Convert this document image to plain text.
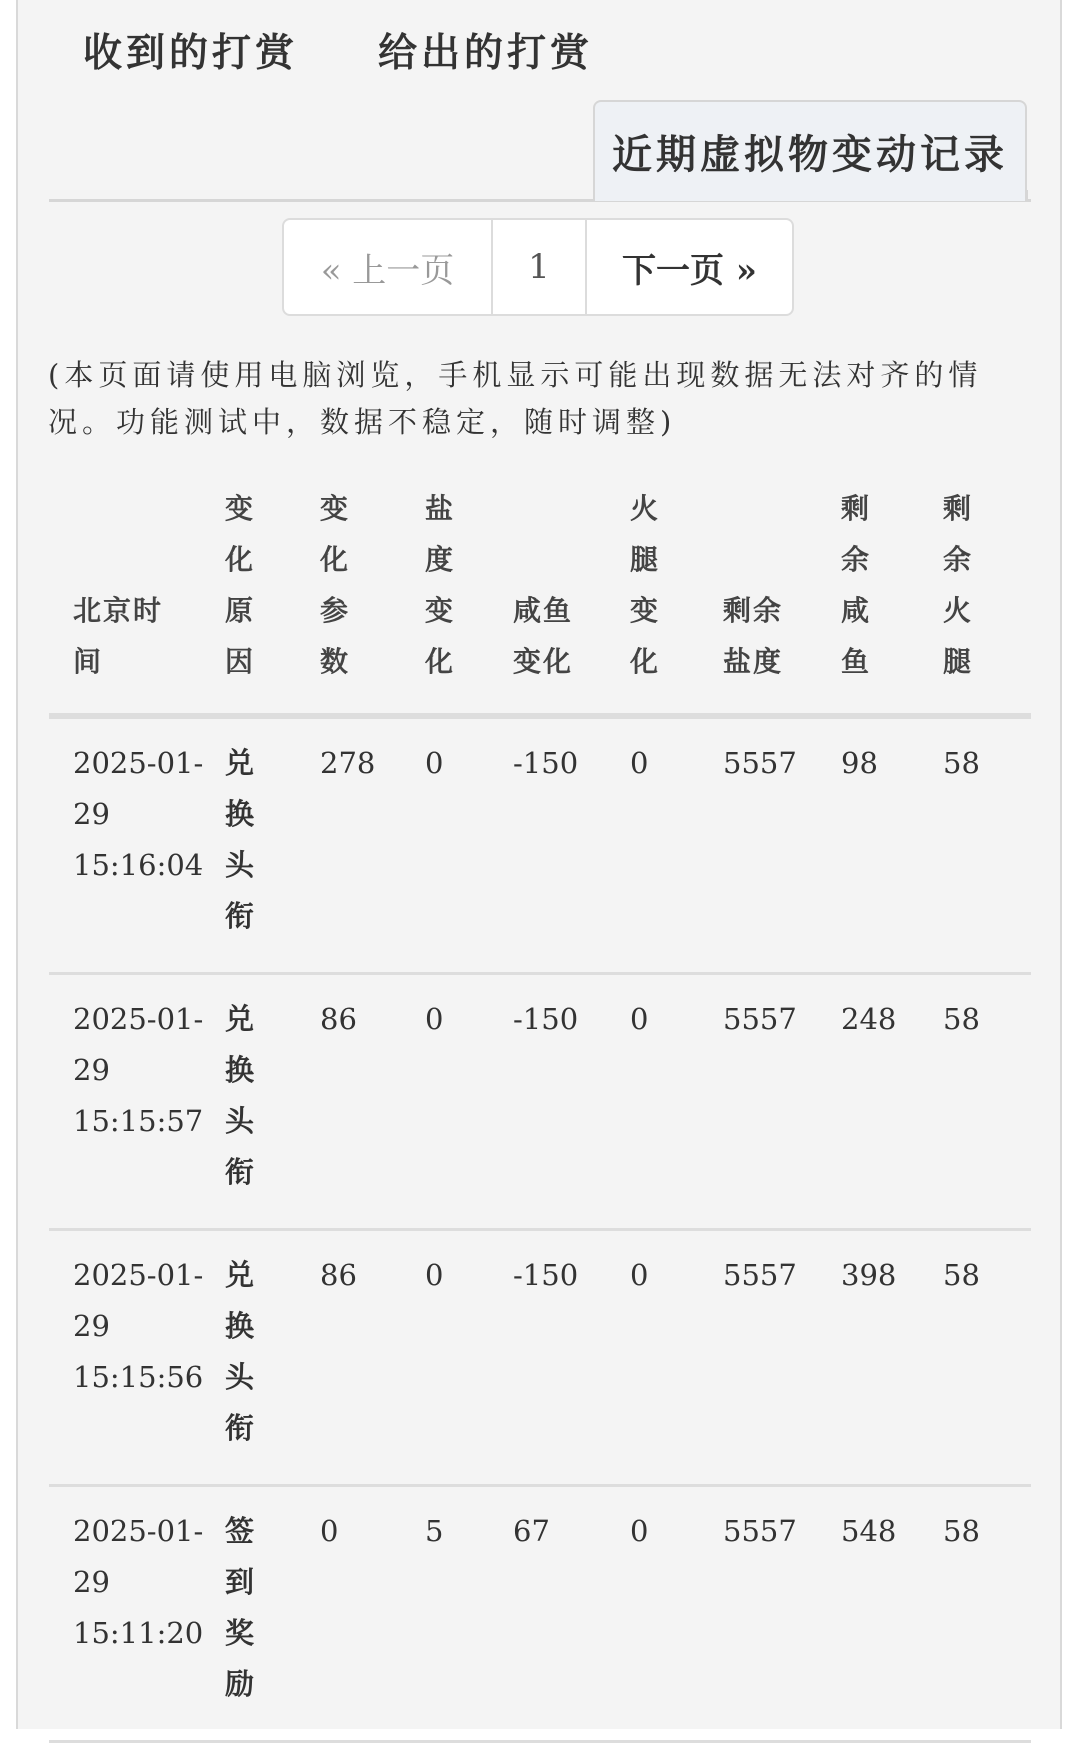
收到的打赏 给出的打赏
近期虚拟物变动记录
« 上一页	1	下一页 »
(本页面请使用电脑浏览，手机显示可能出现数据无法对齐的情况。功能测试中，数据不稳定，随时调整)
北京时间	变化原因	变化参数	盐度变化	咸鱼变化	火腿变化	剩余盐度	剩余咸鱼	剩余火腿
2025-01-29 15:16:04	兑换头衔	278	0	-150	0	5557	98	58
2025-01-29 15:15:57	兑换头衔	86	0	-150	0	5557	248	58
2025-01-29 15:15:56	兑换头衔	86	0	-150	0	5557	398	58
2025-01-29 15:11:20	签到奖励	0	5	67	0	5557	548	58
